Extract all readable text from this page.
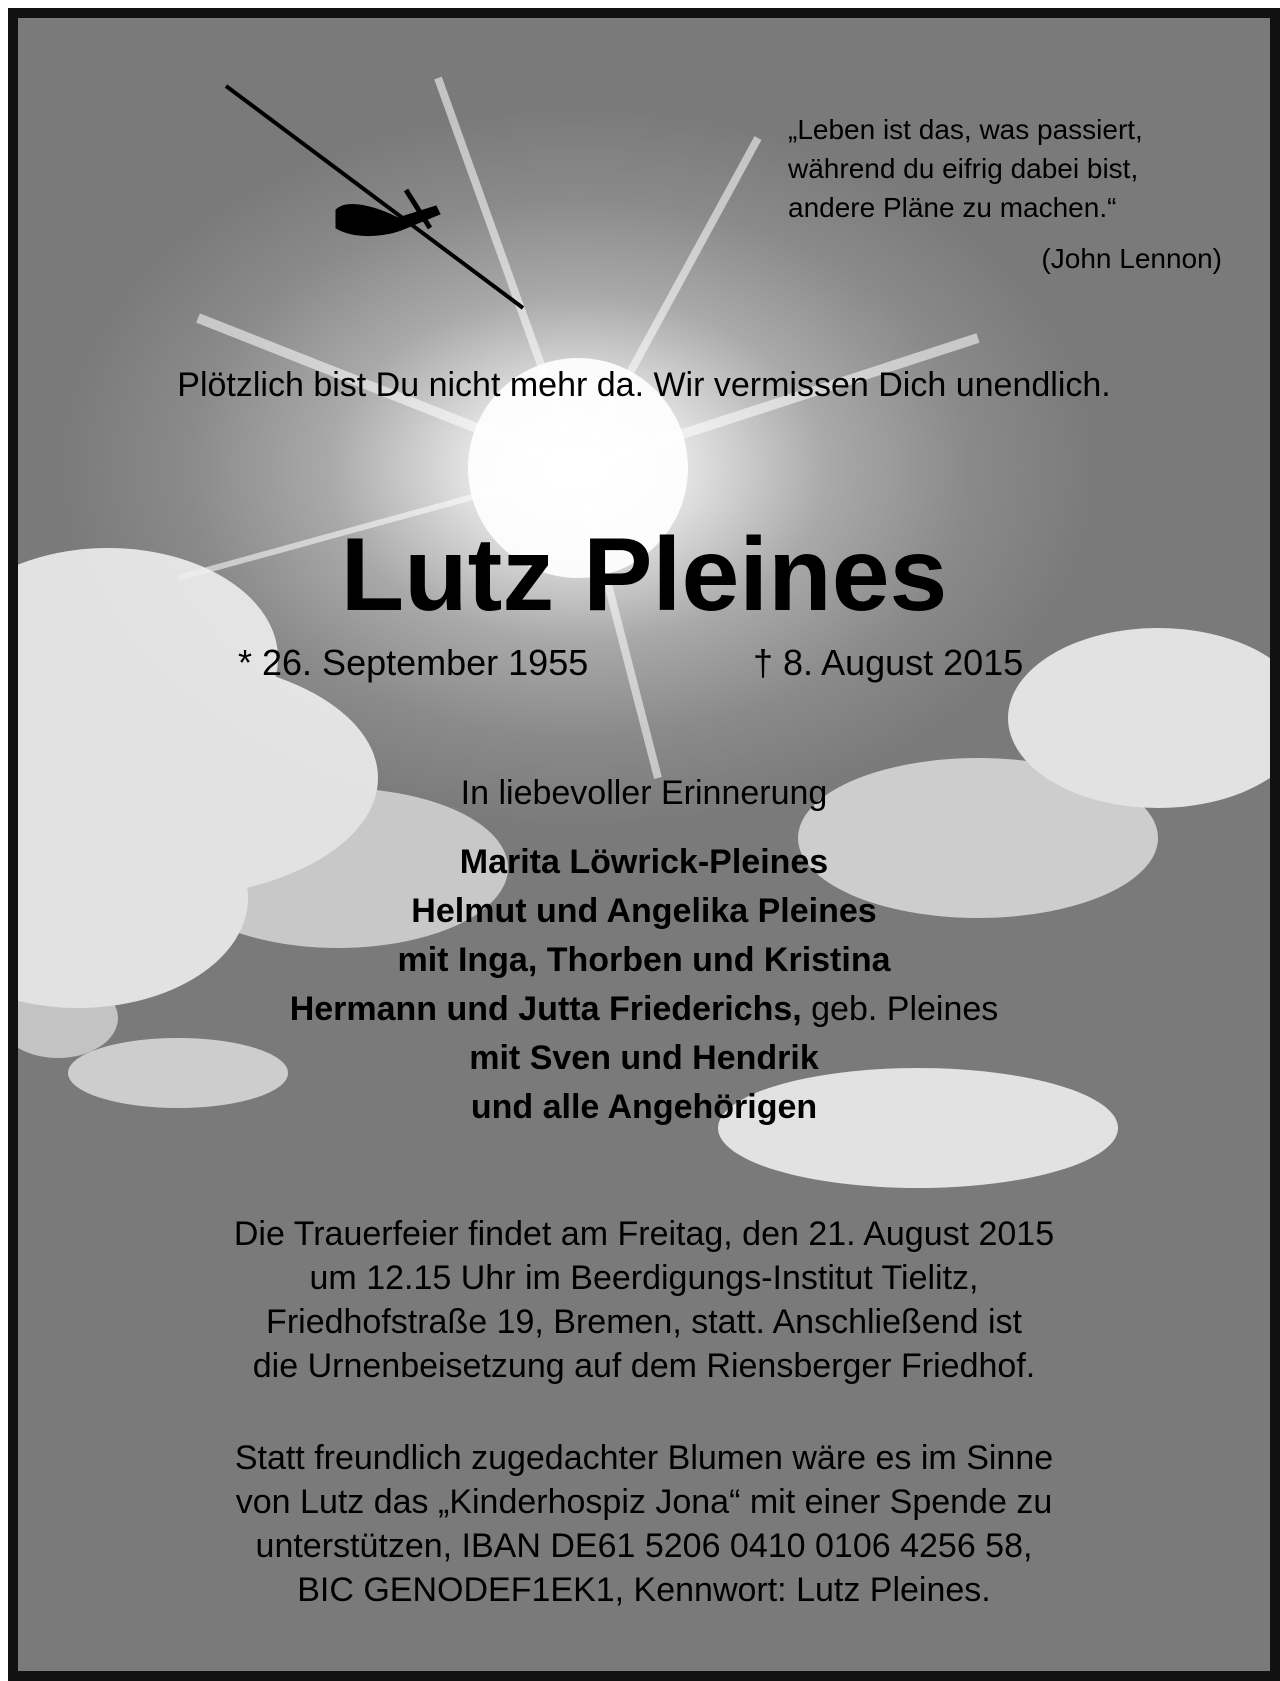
„Leben ist das, was passiert,
während du eifrig dabei bist,
andere Pläne zu machen.“
(John Lennon)
Plötzlich bist Du nicht mehr da. Wir vermissen Dich unendlich.
Lutz Pleines
* 26. September 1955	† 8. August 2015
In liebevoller Erinnerung
Marita Löwrick-Pleines
Helmut und Angelika Pleines
mit Inga, Thorben und Kristina
Hermann und Jutta Friederichs, geb. Pleines
mit Sven und Hendrik
und alle Angehörigen
Die Trauerfeier findet am Freitag, den 21. August 2015
um 12.15 Uhr im Beerdigungs-Institut Tielitz,
Friedhofstraße 19, Bremen, statt. Anschließend ist
die Urnenbeisetzung auf dem Riensberger Friedhof.
Statt freundlich zugedachter Blumen wäre es im Sinne
von Lutz das „Kinderhospiz Jona“ mit einer Spende zu
unterstützen, IBAN DE61 5206 0410 0106 4256 58,
BIC GENODEF1EK1, Kennwort: Lutz Pleines.
